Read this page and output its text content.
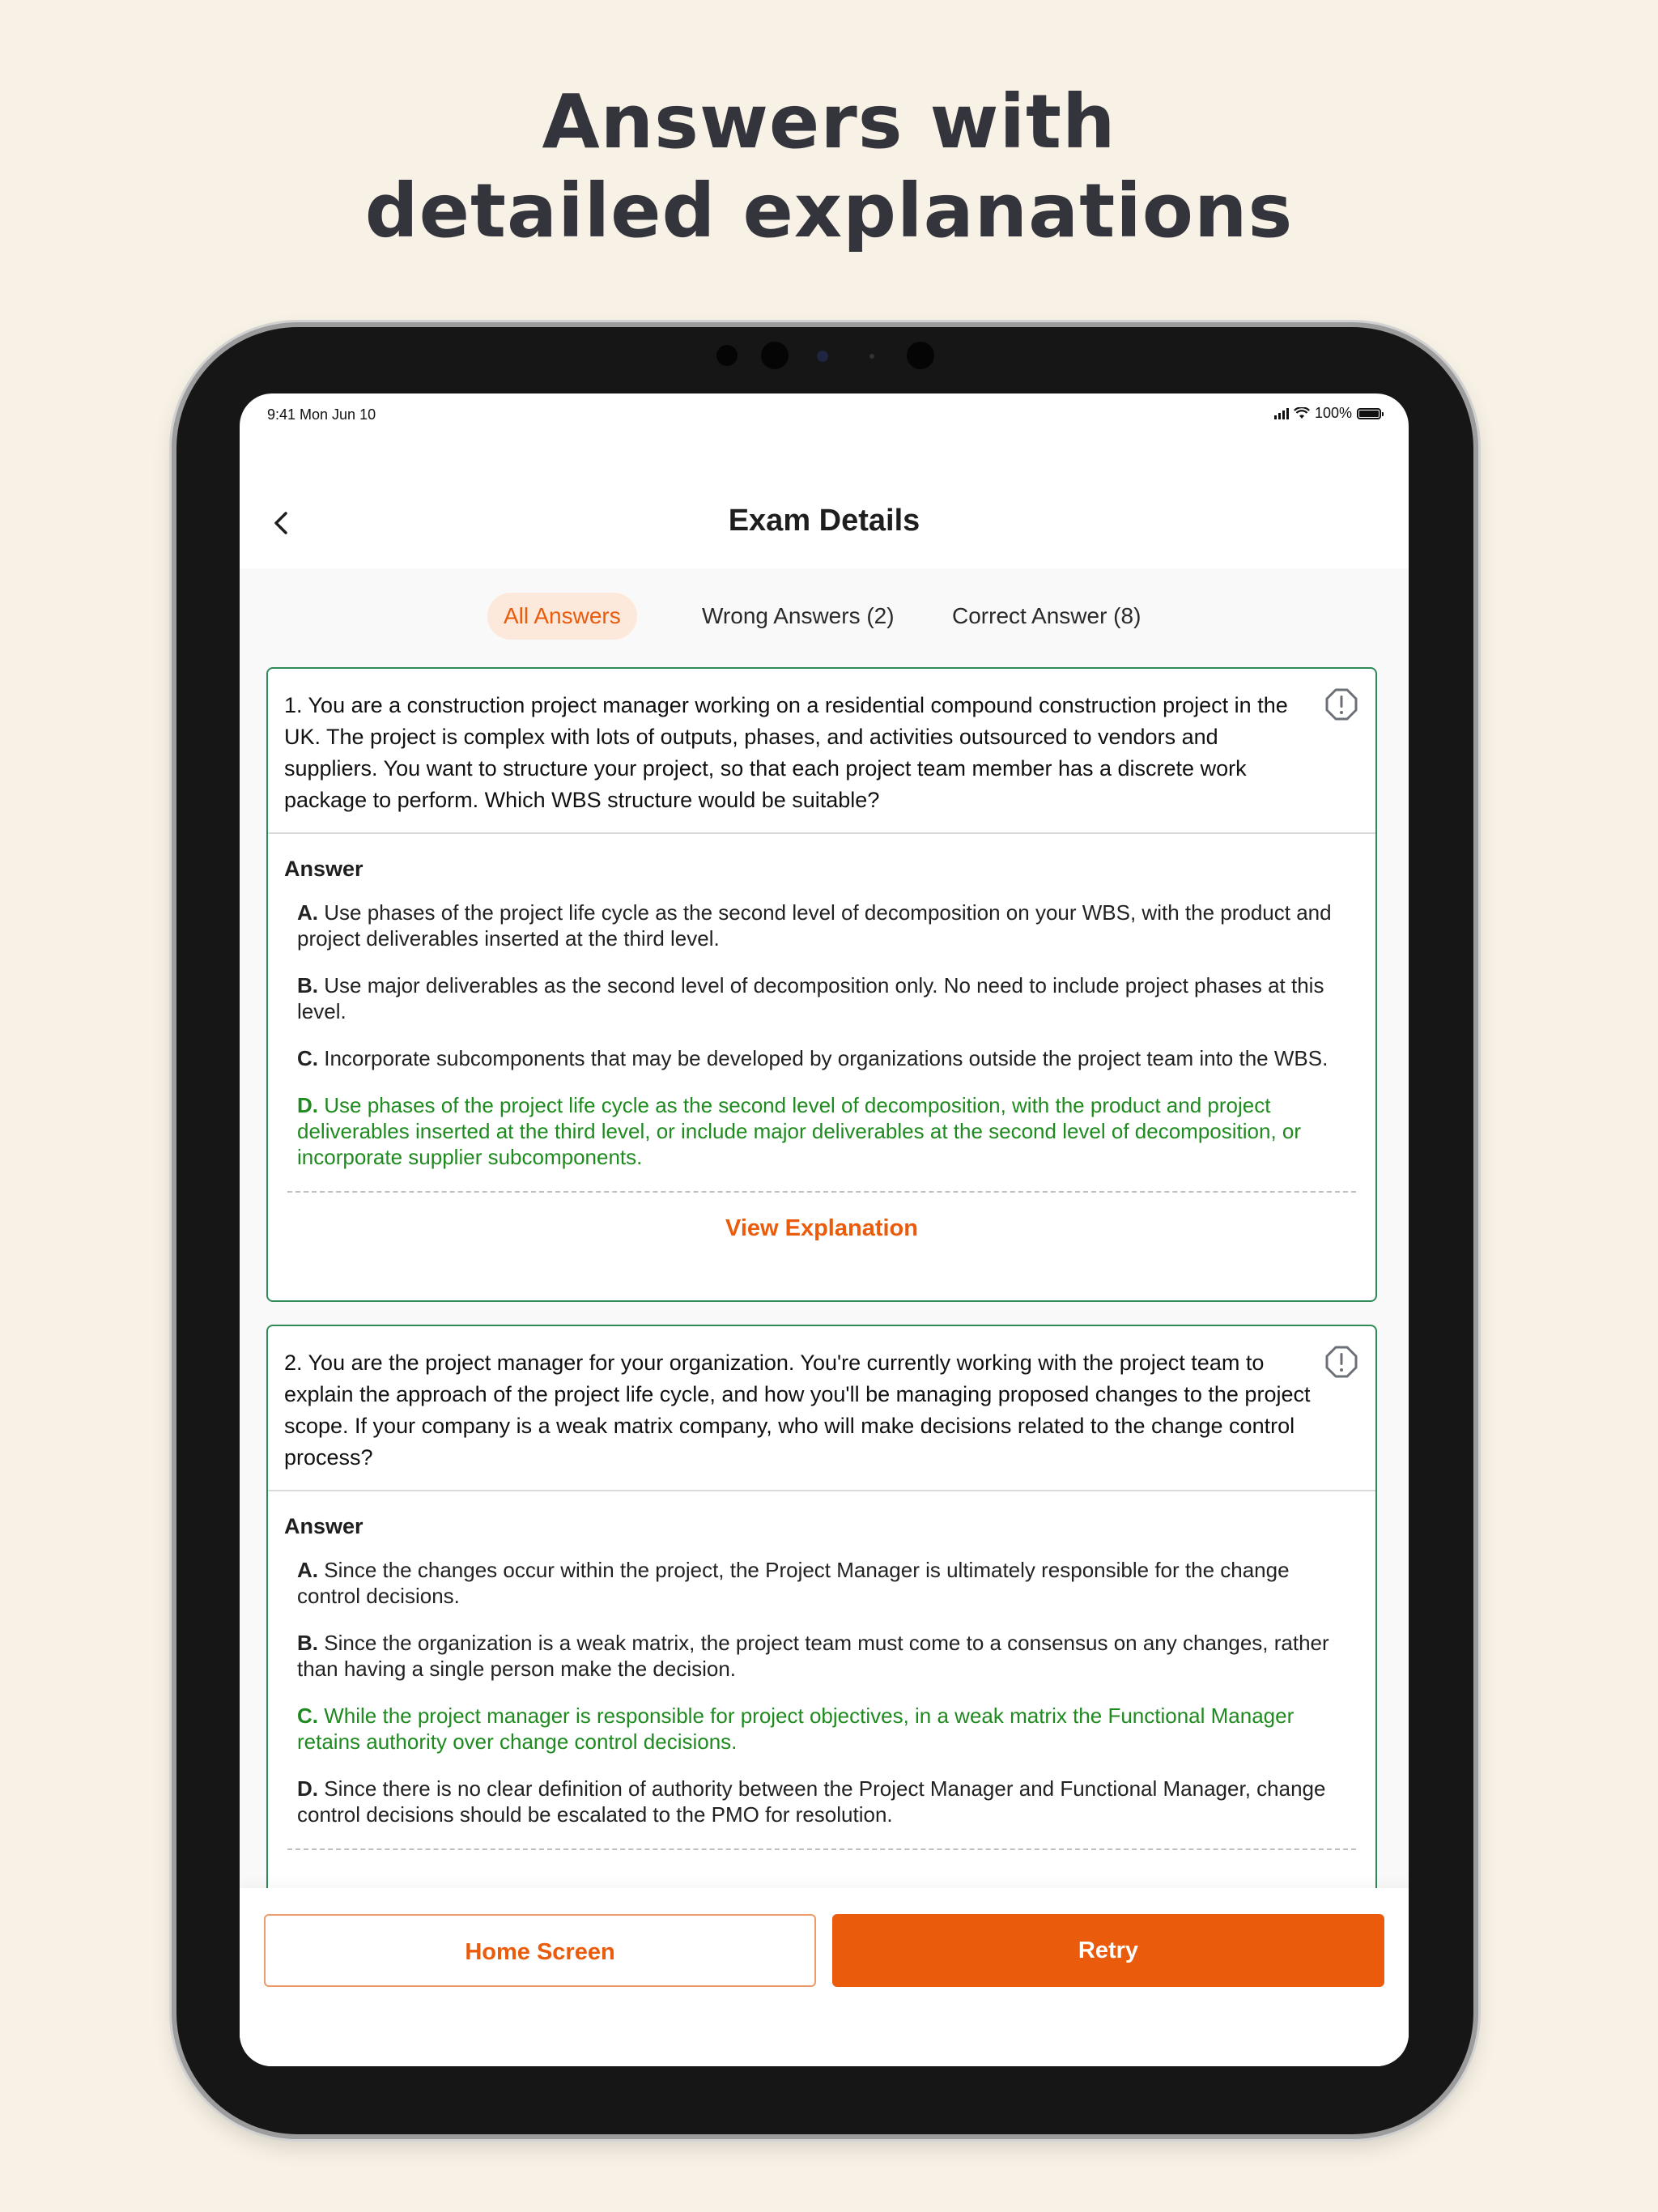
Answers with
detailed explanations
9:41 Mon Jun 10	100%
Exam Details
All Answers	Wrong Answers (2)	Correct Answer (8)
1. You are a construction project manager working on a residential compound construction project in the UK. The project is complex with lots of outputs, phases, and activities outsourced to vendors and suppliers. You want to structure your project, so that each project team member has a discrete work package to perform. Which WBS structure would be suitable?
Answer
A. Use phases of the project life cycle as the second level of decomposition on your WBS, with the product and project deliverables inserted at the third level.
B. Use major deliverables as the second level of decomposition only. No need to include project phases at this level.
C. Incorporate subcomponents that may be developed by organizations outside the project team into the WBS.
D. Use phases of the project life cycle as the second level of decomposition, with the product and project deliverables inserted at the third level, or include major deliverables at the second level of decomposition, or incorporate supplier subcomponents.
View Explanation
2. You are the project manager for your organization. You're currently working with the project team to explain the approach of the project life cycle, and how you'll be managing proposed changes to the project scope. If your company is a weak matrix company, who will make decisions related to the change control process?
Answer
A. Since the changes occur within the project, the Project Manager is ultimately responsible for the change control decisions.
B. Since the organization is a weak matrix, the project team must come to a consensus on any changes, rather than having a single person make the decision.
C. While the project manager is responsible for project objectives, in a weak matrix the Functional Manager retains authority over change control decisions.
D. Since there is no clear definition of authority between the Project Manager and Functional Manager, change control decisions should be escalated to the PMO for resolution.
Home Screen	Retry
